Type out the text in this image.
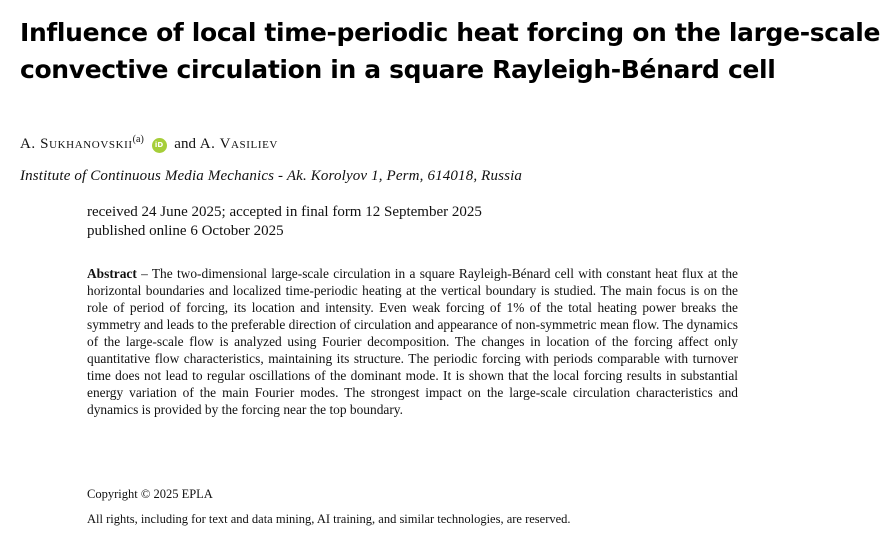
Influence of local time-periodic heat forcing on the large-scale
convective circulation in a square Rayleigh-Bénard cell
A. Sukhanovskii$^{(a)}$ iD and A. Vasiliev
Institute of Continuous Media Mechanics - Ak. Korolyov 1, Perm, 614018, Russia
received 24 June 2025; accepted in final form 12 September 2025
published online 6 October 2025

Abstract – The two-dimensional large-scale circulation in a square Rayleigh-Bénard cell with constant heat flux at the horizontal boundaries and localized time-periodic heating at the vertical boundary is studied. The main focus is on the role of period of forcing, its location and intensity. Even weak forcing of 1% of the total heating power breaks the symmetry and leads to the preferable direction of circulation and appearance of non-symmetric mean flow. The dynamics of the large-scale flow is analyzed using Fourier decomposition. The changes in location of the forcing affect only quantitative flow characteristics, maintaining its structure. The periodic forcing with periods comparable with turnover time does not lead to regular oscillations of the dominant mode. It is shown that the local forcing results in substantial energy variation of the main Fourier modes. The strongest impact on the large-scale circulation characteristics and dynamics is provided by the forcing near the top boundary.

Copyright © 2025 EPLA
All rights, including for text and data mining, AI training, and similar technologies, are reserved.
